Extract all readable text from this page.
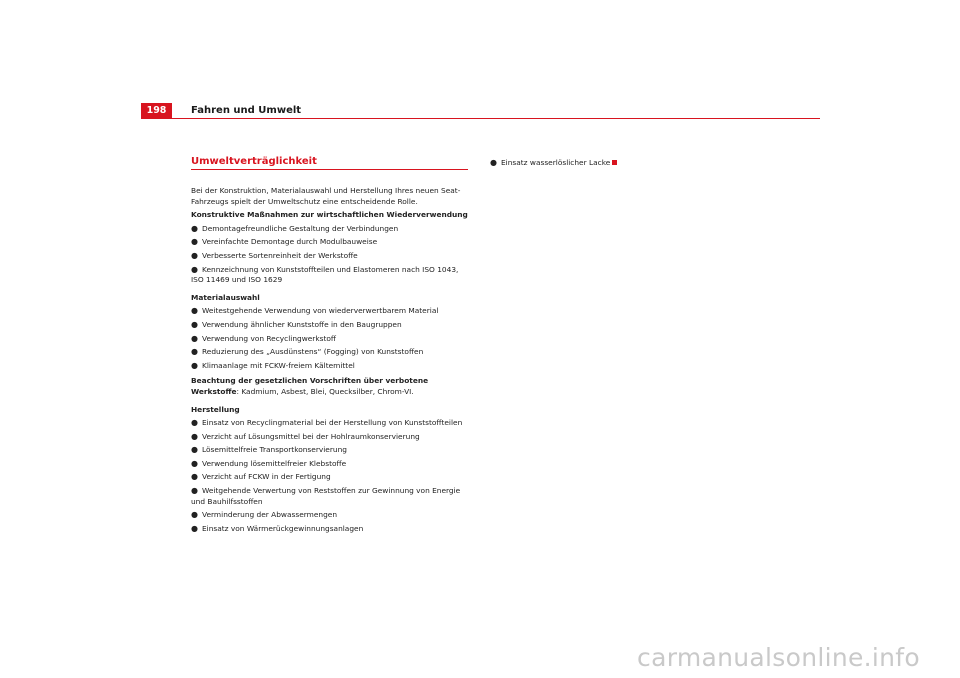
198	Fahren und Umwelt
Umweltverträglichkeit

Bei der Konstruktion, Materialauswahl und Herstellung Ihres neuen Seat-Fahrzeugs spielt der Umweltschutz eine entscheidende Rolle.

Konstruktive Maßnahmen zur wirtschaftlichen Wiederverwendung

● Demontagefreundliche Gestaltung der Verbindungen

● Vereinfachte Demontage durch Modulbauweise

● Verbesserte Sortenreinheit der Werkstoffe

● Kennzeichnung von Kunststoffteilen und Elastomeren nach ISO 1043, ISO 11469 und ISO 1629

Materialauswahl

● Weitestgehende Verwendung von wiederverwertbarem Material

● Verwendung ähnlicher Kunststoffe in den Baugruppen

● Verwendung von Recyclingwerkstoff

● Reduzierung des „Ausdünstens“ (Fogging) von Kunststoffen

● Klimaanlage mit FCKW-freiem Kältemittel

Beachtung der gesetzlichen Vorschriften über verbotene Werkstoffe: Kadmium, Asbest, Blei, Quecksilber, Chrom-VI.

Herstellung

● Einsatz von Recyclingmaterial bei der Herstellung von Kunststoffteilen

● Verzicht auf Lösungsmittel bei der Hohlraumkonservierung

● Lösemittelfreie Transportkonservierung

● Verwendung lösemittelfreier Klebstoffe

● Verzicht auf FCKW in der Fertigung

● Weitgehende Verwertung von Reststoffen zur Gewinnung von Energie und Bauhilfsstoffen

● Verminderung der Abwassermengen

● Einsatz von Wärmerückgewinnungsanlagen

● Einsatz wasserlöslicher Lacke

carmanualsonline.info
